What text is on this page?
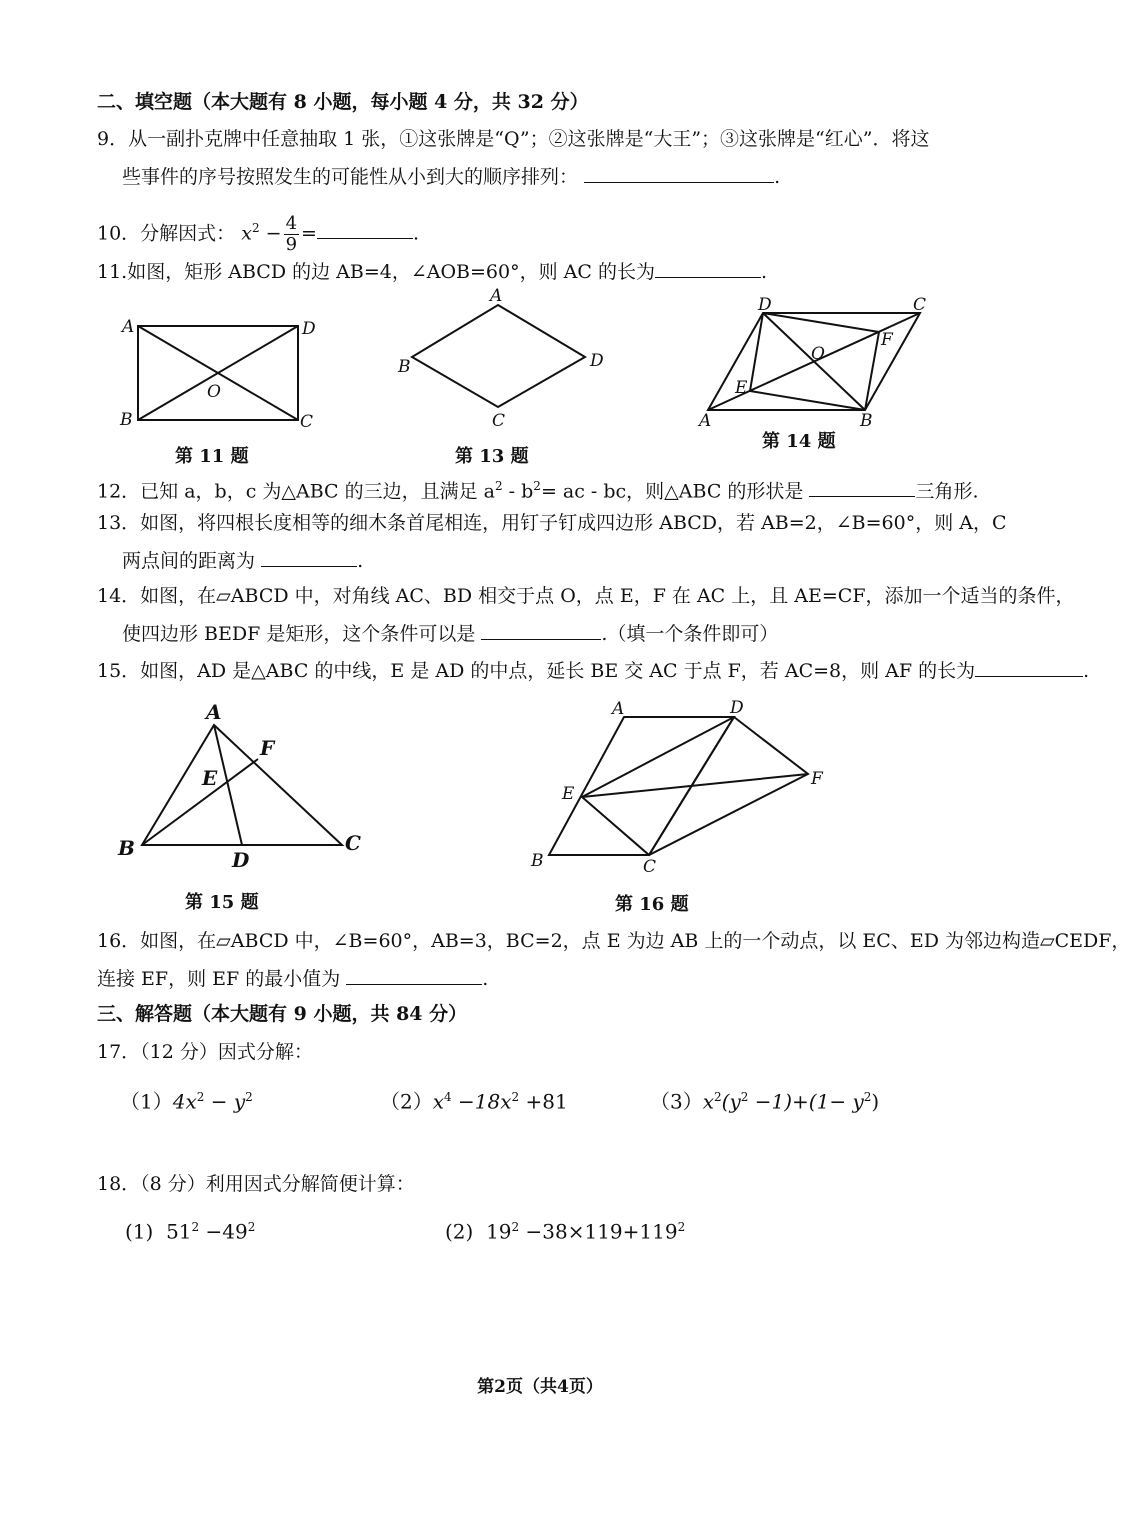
二、填空题（本大题有 8 小题，每小题 4 分，共 32 分）
9．从一副扑克牌中任意抽取 1 张，①这张牌是“Q”；②这张牌是“大王”；③这张牌是“红心”．将这
些事件的序号按照发生的可能性从小到大的顺序排列：	.
10．分解因式： $x^2 - \frac{4}{9}$ =	.
11.如图，矩形 ABCD 的边 AB=4，∠AOB=60°，则 AC 的长为	.
A	D
B	C
O
第 11 题
A
B	D
C
第 13 题
D	C
A	B
O
E
F
第 14 题
12．已知 a，b，c 为△ABC 的三边，且满足 $a^2 - b^2=$ ac - bc，则△ABC 的形状是	三角形.
13．如图，将四根长度相等的细木条首尾相连，用钉子钉成四边形 ABCD，若 AB=2，∠B=60°，则 A，C
两点间的距离为	.
14．如图，在▱ABCD 中，对角线 AC、BD 相交于点 O，点 E，F 在 AC 上，且 AE=CF，添加一个适当的条件，
使四边形 BEDF 是矩形，这个条件可以是	.（填一个条件即可）
15．如图，AD 是△ABC 的中线，E 是 AD 的中点，延长 BE 交 AC 于点 F，若 AC=8，则 AF 的长为	.
A
B	C
D
E
F
第 15 题
A	D
F
E
B	C
第 16 题
16．如图，在▱ABCD 中，∠B=60°，AB=3，BC=2，点 E 为边 AB 上的一个动点，以 EC、ED 为邻边构造▱CEDF，
连接 EF，则 EF 的最小值为	.
三、解答题（本大题有 9 小题，共 84 分）
17．（12 分）因式分解：
$(1)4x^2 - y^2$	$(2)x^4 -18x^2 +81$	$(3)x^2(y^2 -1)+(1- y^2)$
18．（8 分）利用因式分解简便计算：
(1) $51^2 -49^2$	(2) $19^2 -38\times 119+119^2$
第2页（共4页）
